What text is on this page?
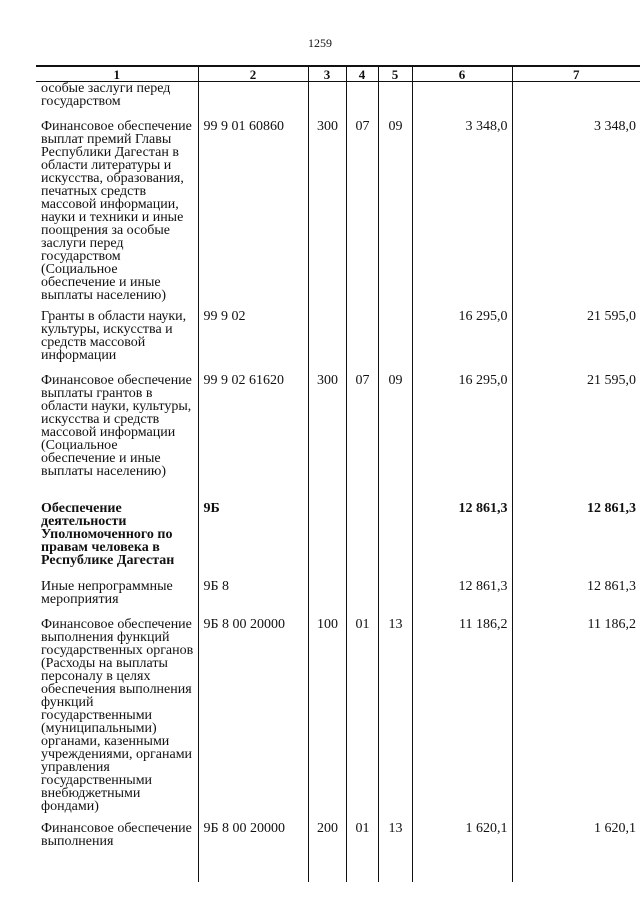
1259
1	2	3	4	5	6	7
особые заслуги перед государством						
Финансовое обеспечение выплат премий Главы Республики Дагестан в области литературы и искусства, образования, печатных средств массовой информации, науки и техники и иные поощрения за особые заслуги перед государством (Социальное обеспечение и иные выплаты населению)	99 9 01 60860	300	07	09	3 348,0	3 348,0
Гранты в области науки, культуры, искусства и средств массовой информации	99 9 02				16 295,0	21 595,0
Финансовое обеспечение выплаты грантов в области науки, культуры, искусства и средств массовой информации (Социальное обеспечение и иные выплаты населению)	99 9 02 61620	300	07	09	16 295,0	21 595,0
Обеспечение деятельности Уполномоченного по правам человека в Республике Дагестан	9Б				12 861,3	12 861,3
Иные непрограммные мероприятия	9Б 8				12 861,3	12 861,3
Финансовое обеспечение выполнения функций государственных органов (Расходы на выплаты персоналу в целях обеспечения выполнения функций государственными (муниципальными) органами, казенными учреждениями, органами управления государственными внебюджетными фондами)	9Б 8 00 20000	100	01	13	11 186,2	11 186,2
Финансовое обеспечение выполнения	9Б 8 00 20000	200	01	13	1 620,1	1 620,1
